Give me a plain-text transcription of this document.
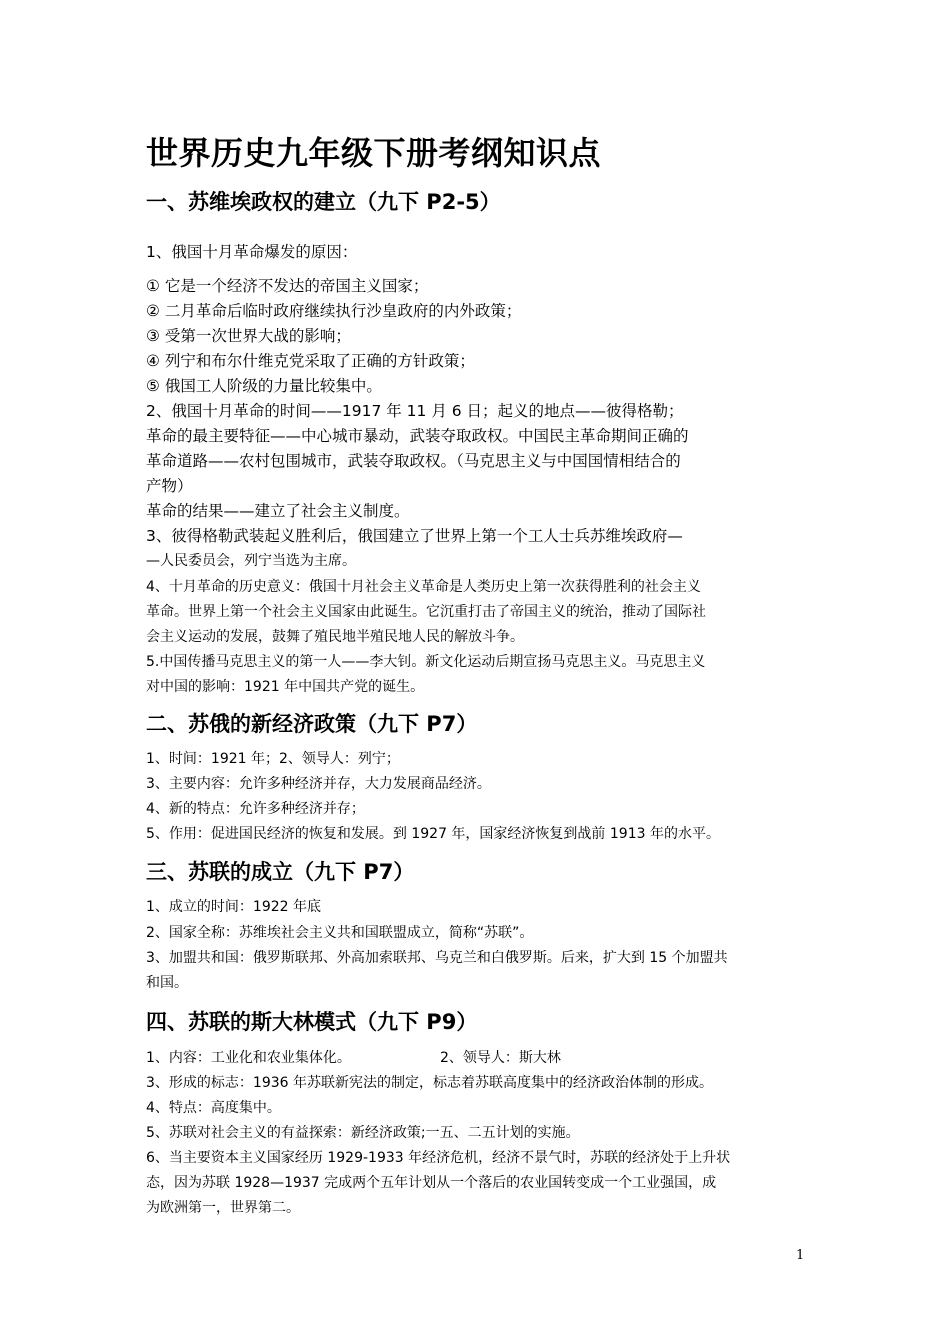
世界历史九年级下册考纲知识点
一、苏维埃政权的建立（九下 P2-5）

1、俄国十月革命爆发的原因：

① 它是一个经济不发达的帝国主义国家；

② 二月革命后临时政府继续执行沙皇政府的内外政策；

③ 受第一次世界大战的影响；

④ 列宁和布尔什维克党采取了正确的方针政策；

⑤ 俄国工人阶级的力量比较集中。

2、俄国十月革命的时间——1917 年 11 月 6 日；起义的地点——彼得格勒；

革命的最主要特征——中心城市暴动，武装夺取政权。中国民主革命期间正确的

革命道路——农村包围城市，武装夺取政权。（马克思主义与中国国情相结合的

产物）

革命的结果——建立了社会主义制度。

3、彼得格勒武装起义胜利后，俄国建立了世界上第一个工人士兵苏维埃政府—

—人民委员会，列宁当选为主席。

4、十月革命的历史意义：俄国十月社会主义革命是人类历史上第一次获得胜利的社会主义

革命。世界上第一个社会主义国家由此诞生。它沉重打击了帝国主义的统治，推动了国际社

会主义运动的发展，鼓舞了殖民地半殖民地人民的解放斗争。

5.中国传播马克思主义的第一人——李大钊。新文化运动后期宣扬马克思主义。马克思主义

对中国的影响：1921 年中国共产党的诞生。

二、苏俄的新经济政策（九下 P7）

1、时间：1921 年；2、领导人：列宁；

3、主要内容：允许多种经济并存，大力发展商品经济。

4、新的特点：允许多种经济并存；

5、作用：促进国民经济的恢复和发展。到 1927 年，国家经济恢复到战前 1913 年的水平。

三、苏联的成立（九下 P7）

1、成立的时间：1922 年底

2、国家全称：苏维埃社会主义共和国联盟成立，简称“苏联”。

3、加盟共和国：俄罗斯联邦、外高加索联邦、乌克兰和白俄罗斯。后来，扩大到 15 个加盟共

和国。

四、苏联的斯大林模式（九下 P9）

1、内容：工业化和农业集体化。	2、领导人：斯大林

3、形成的标志：1936 年苏联新宪法的制定，标志着苏联高度集中的经济政治体制的形成。

4、特点：高度集中。

5、苏联对社会主义的有益探索：新经济政策;一五、二五计划的实施。

6、当主要资本主义国家经历 1929-1933 年经济危机，经济不景气时，苏联的经济处于上升状

态，因为苏联 1928—1937 完成两个五年计划从一个落后的农业国转变成一个工业强国，成

为欧洲第一，世界第二。

1
